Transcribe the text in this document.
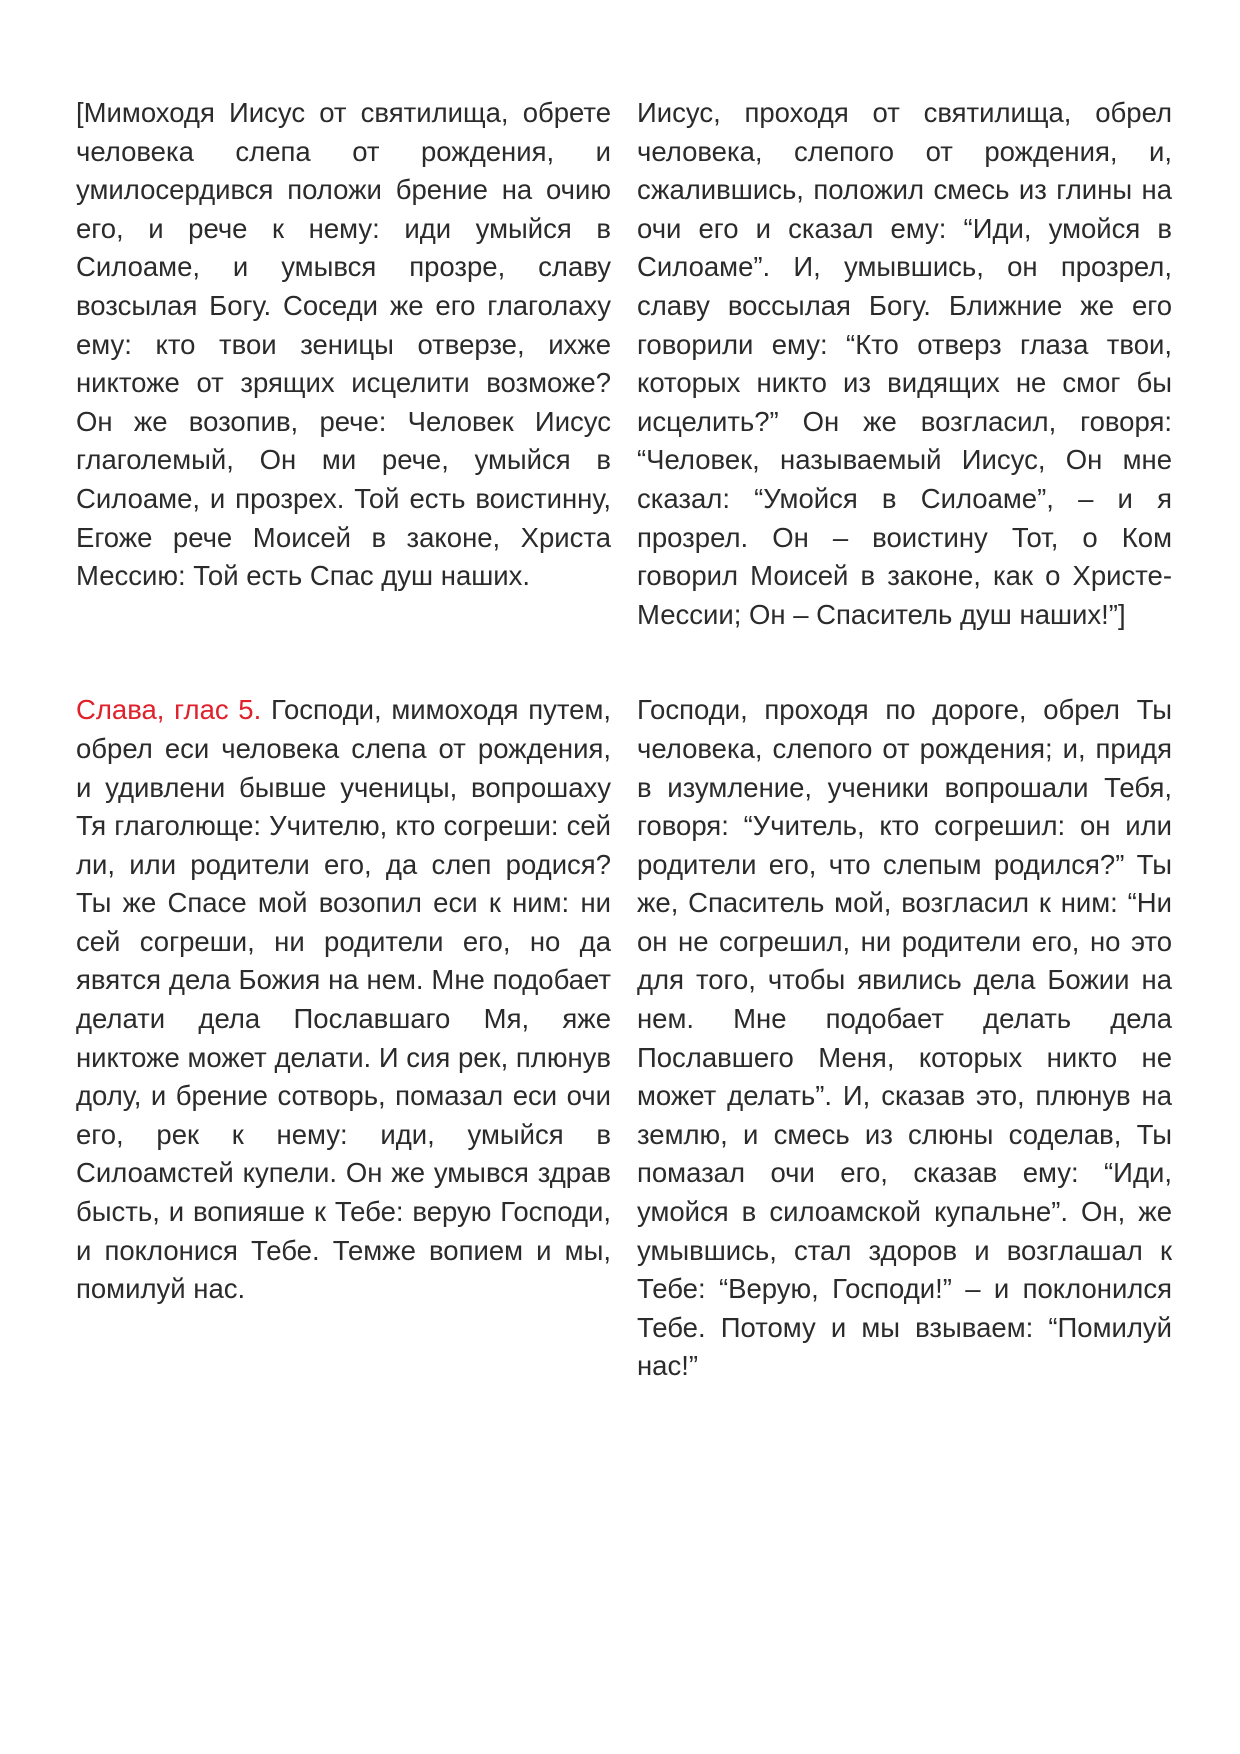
[Мимоходя Иисус от святилища, обрете человека слепа от рождения, и умилосердився положи брение на очию его, и рече к нему: иди умыйся в Силоаме, и умывся прозре, славу возсылая Богу. Соседи же его глаголаху ему: кто твои зеницы отверзе, ихже никтоже от зрящих исцелити возможе? Он же возопив, рече: Человек Иисус глаголемый, Он ми рече, умыйся в Силоаме, и прозрех. Той есть воистинну, Егоже рече Моисей в законе, Христа Мессию: Той есть Спас душ наших.
Иисус, проходя от святилища, обрел человека, слепого от рождения, и, сжалившись, положил смесь из глины на очи его и сказал ему: “Иди, умойся в Силоаме”. И, умывшись, он прозрел, славу воссылая Богу. Ближние же его говорили ему: “Кто отверз глаза твои, которых никто из видящих не смог бы исцелить?” Он же возгласил, говоря: “Человек, называемый Иисус, Он мне сказал: “Умойся в Силоаме”, – и я прозрел. Он – воистину Тот, о Ком говорил Моисей в законе, как о Христе-Мессии; Он – Спаситель душ наших!”]
Слава, глас 5. Господи, мимоходя путем, обрел еси человека слепа от рождения, и удивлени бывше ученицы, вопрошаху Тя глаголюще: Учителю, кто согреши: сей ли, или родители его, да слеп родися? Ты же Спасе мой возопил еси к ним: ни сей согреши, ни родители его, но да явятся дела Божия на нем. Мне подобает делати дела Пославшаго Мя, яже никтоже может делати. И сия рек, плюнув долу, и брение сотворь, помазал еси очи его, рек к нему: иди, умыйся в Силоамстей купели. Он же умывся здрав бысть, и вопияше к Тебе: верую Господи, и поклонися Тебе. Темже вопием и мы, помилуй нас.
Господи, проходя по дороге, обрел Ты человека, слепого от рождения; и, придя в изумление, ученики вопрошали Тебя, говоря: “Учитель, кто согрешил: он или родители его, что слепым родился?” Ты же, Спаситель мой, возгласил к ним: “Ни он не согрешил, ни родители его, но это для того, чтобы явились дела Божии на нем. Мне подобает делать дела Пославшего Меня, которых никто не может делать”. И, сказав это, плюнув на землю, и смесь из слюны соделав, Ты помазал очи его, сказав ему: “Иди, умойся в силоамской купальне”. Он, же умывшись, стал здоров и возглашал к Тебе: “Верую, Господи!” – и поклонился Тебе. Потому и мы взываем: “Помилуй нас!”
